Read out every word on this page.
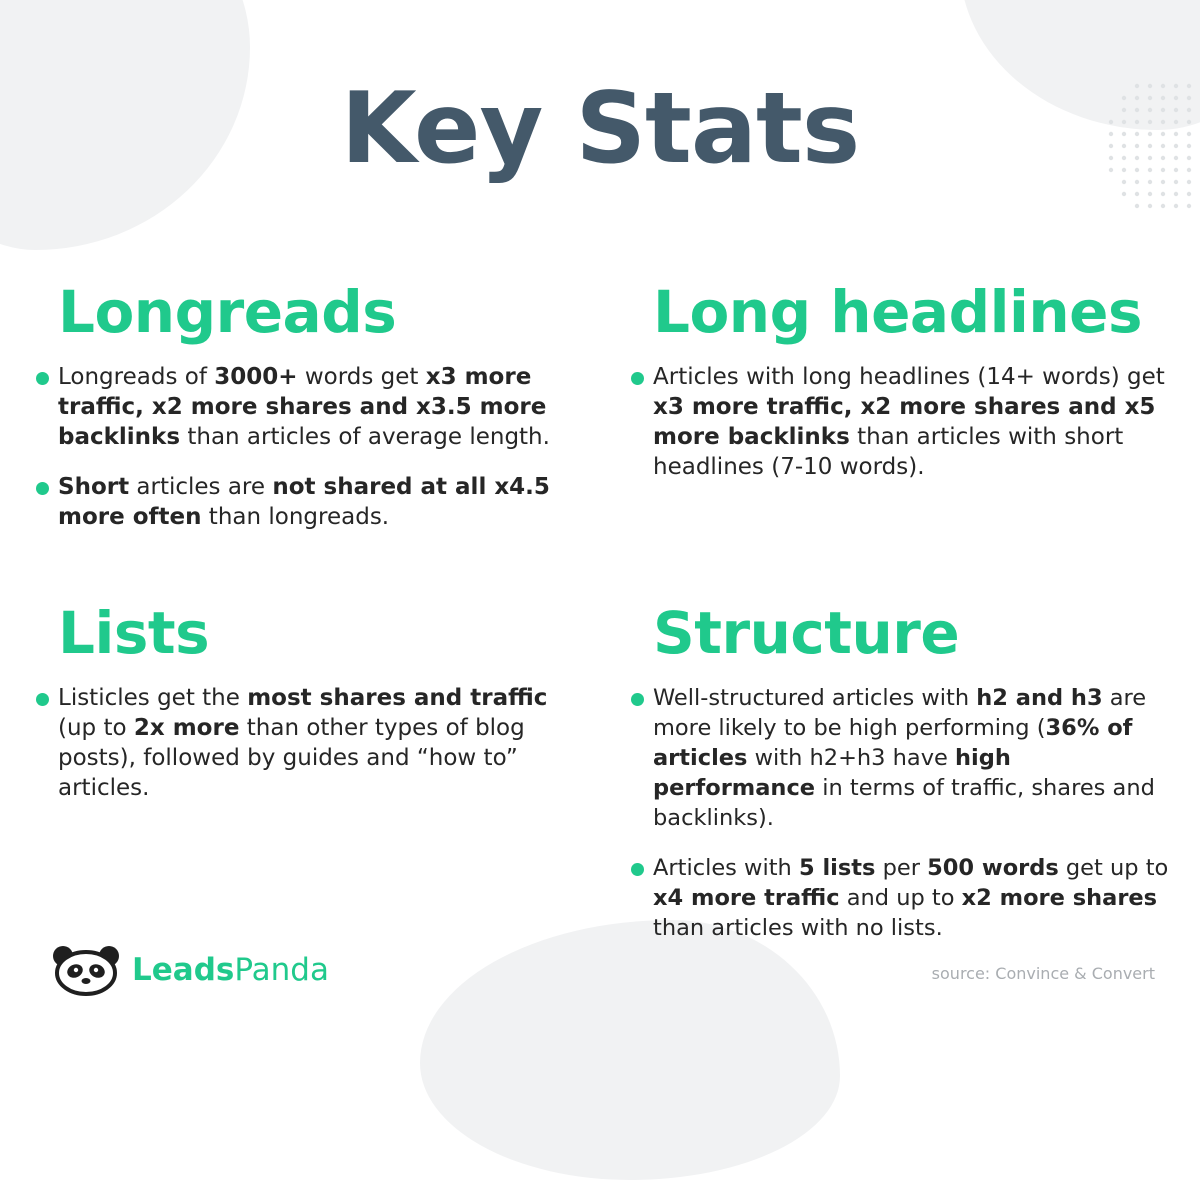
Key Stats
Longreads
Longreads of 3000+ words get x3 more traffic, x2 more shares and x3.5 more backlinks than articles of average length.
Short articles are not shared at all x4.5 more often than longreads.
Long headlines
Articles with long headlines (14+ words) get x3 more traffic, x2 more shares and x5 more backlinks than articles with short headlines (7-10 words).
Lists
Listicles get the most shares and traffic (up to 2x more than other types of blog posts), followed by guides and “how to” articles.
Structure
Well-structured articles with h2 and h3 are more likely to be high performing (36% of articles with h2+h3 have high performance in terms of traffic, shares and backlinks).
Articles with 5 lists per 500 words get up to x4 more traffic and up to x2 more shares than articles with no lists.
LeadsPanda	source: Convince & Convert
